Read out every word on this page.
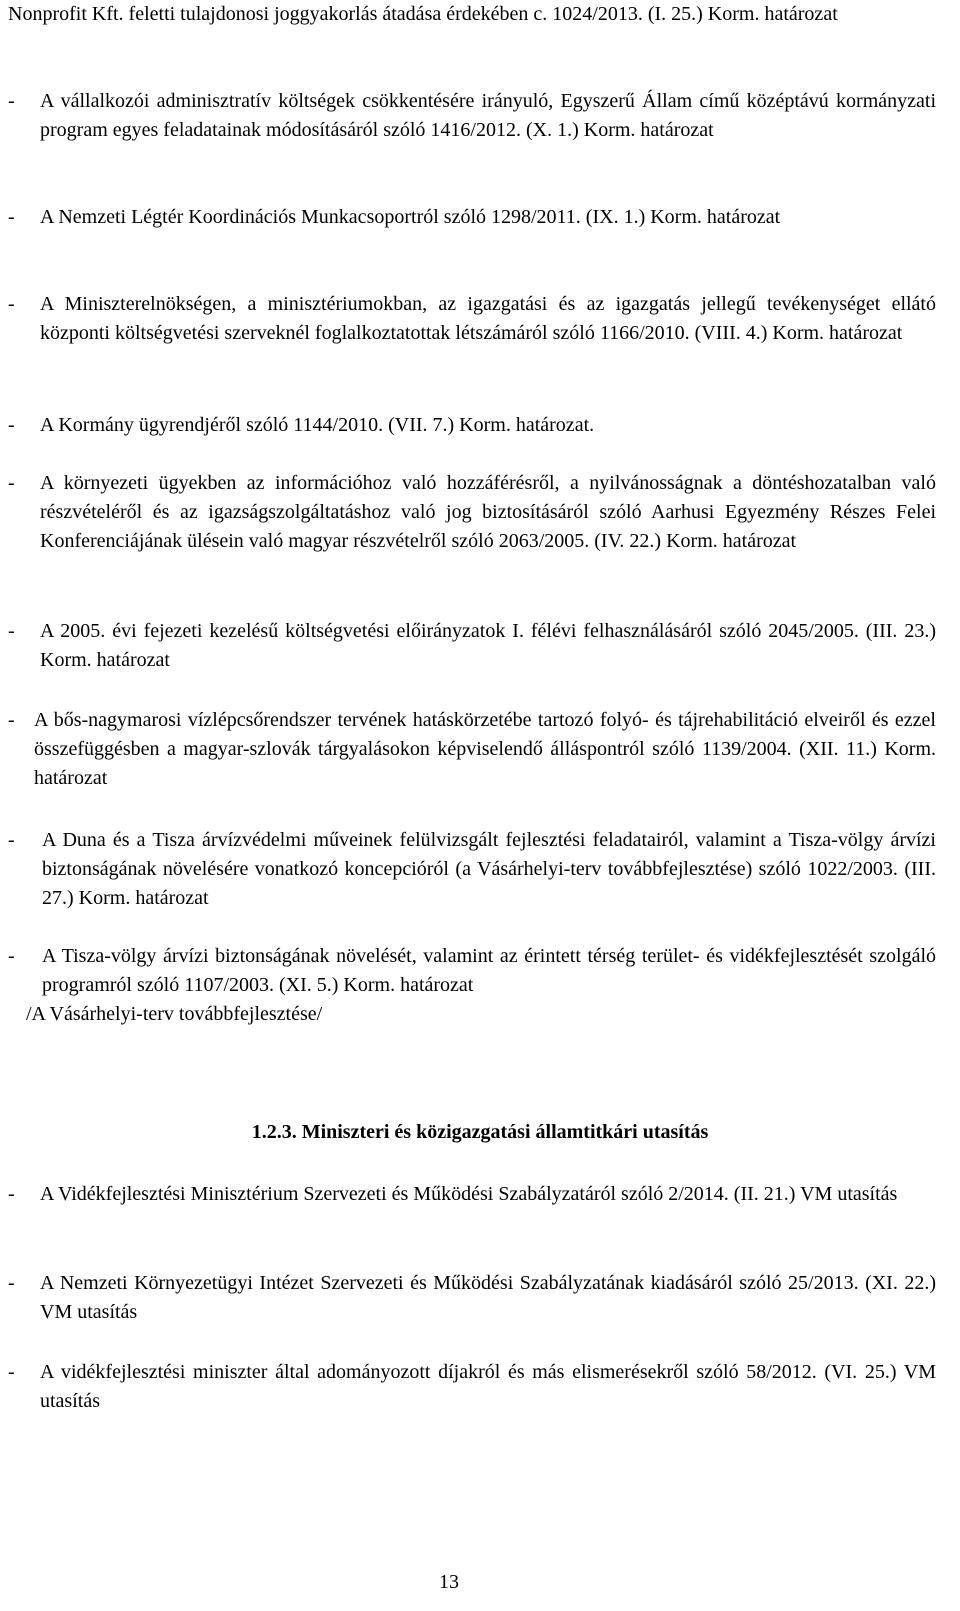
Nonprofit Kft. feletti tulajdonosi joggyakorlás átadása érdekében c. 1024/2013. (I. 25.) Korm. határozat
- A vállalkozói adminisztratív költségek csökkentésére irányuló, Egyszerű Állam című középtávú kormányzati program egyes feladatainak módosításáról szóló 1416/2012. (X. 1.) Korm. határozat
- A Nemzeti Légtér Koordinációs Munkacsoportról szóló 1298/2011. (IX. 1.) Korm. határozat
- A Miniszterelnökségen, a minisztériumokban, az igazgatási és az igazgatás jellegű tevékenységet ellátó központi költségvetési szerveknél foglalkoztatottak létszámáról szóló 1166/2010. (VIII. 4.) Korm. határozat
- A Kormány ügyrendjéről szóló 1144/2010. (VII. 7.) Korm. határozat.
- A környezeti ügyekben az információhoz való hozzáférésről, a nyilvánosságnak a döntéshozatalban való részvételéről és az igazságszolgáltatáshoz való jog biztosításáról szóló Aarhusi Egyezmény Részes Felei Konferenciájának ülésein való magyar részvételről szóló 2063/2005. (IV. 22.) Korm. határozat
- A 2005. évi fejezeti kezelésű költségvetési előirányzatok I. félévi felhasználásáról szóló 2045/2005. (III. 23.) Korm. határozat
- A bős-nagymarosi vízlépcsőrendszer tervének hatáskörzetébe tartozó folyó- és tájrehabilitáció elveiről és ezzel összefüggésben a magyar-szlovák tárgyalásokon képviselendő álláspontról szóló 1139/2004. (XII. 11.) Korm. határozat
- A Duna és a Tisza árvízvédelmi műveinek felülvizsgált fejlesztési feladatairól, valamint a Tisza-völgy árvízi biztonságának növelésére vonatkozó koncepcióról (a Vásárhelyi-terv továbbfejlesztése) szóló 1022/2003. (III. 27.) Korm. határozat
- A Tisza-völgy árvízi biztonságának növelését, valamint az érintett térség terület- és vidékfejlesztését szolgáló programról szóló 1107/2003. (XI. 5.) Korm. határozat
/A Vásárhelyi-terv továbbfejlesztése/
1.2.3. Miniszteri és közigazgatási államtitkári utasítás
- A Vidékfejlesztési Minisztérium Szervezeti és Működési Szabályzatáról szóló 2/2014. (II. 21.) VM utasítás
- A Nemzeti Környezetügyi Intézet Szervezeti és Működési Szabályzatának kiadásáról szóló 25/2013. (XI. 22.) VM utasítás
- A vidékfejlesztési miniszter által adományozott díjakról és más elismerésekről szóló 58/2012. (VI. 25.) VM utasítás
13
